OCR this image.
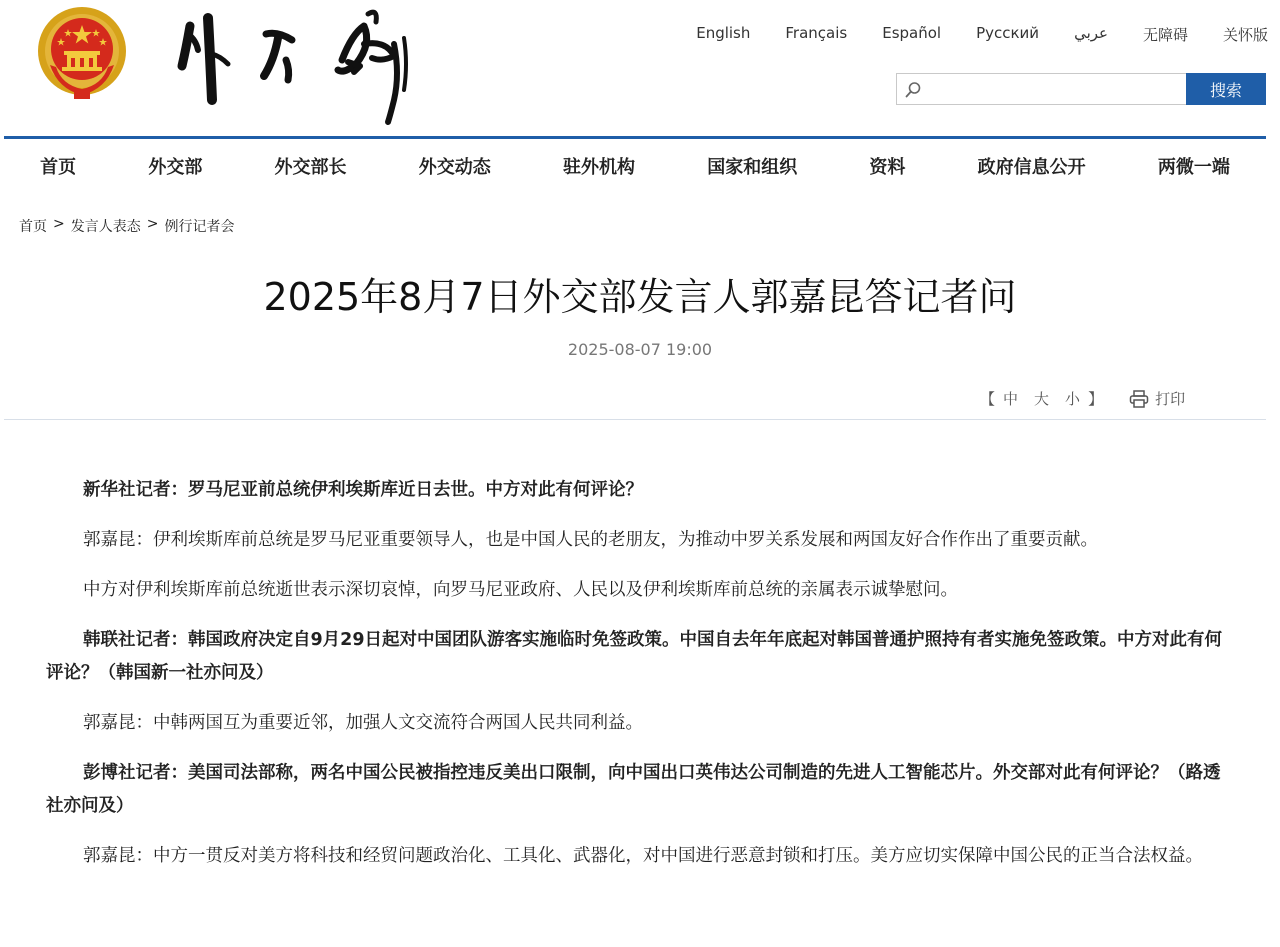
English Français Español Русский عربي 无障碍 关怀版
搜索
首页	外交部	外交部长	外交动态	驻外机构	国家和组织	资料	政府信息公开	两微一端
首页 > 发言人表态 > 例行记者会
2025年8月7日外交部发言人郭嘉昆答记者问
2025-08-07 19:00
【 中 大 小 】	打印

新华社记者：罗马尼亚前总统伊利埃斯库近日去世。中方对此有何评论？

郭嘉昆：伊利埃斯库前总统是罗马尼亚重要领导人，也是中国人民的老朋友，为推动中罗关系发展和两国友好合作作出了重要贡献。

中方对伊利埃斯库前总统逝世表示深切哀悼，向罗马尼亚政府、人民以及伊利埃斯库前总统的亲属表示诚挚慰问。

韩联社记者：韩国政府决定自9月29日起对中国团队游客实施临时免签政策。中国自去年年底起对韩国普通护照持有者实施免签政策。中方对此有何评论？（韩国新一社亦问及）

郭嘉昆：中韩两国互为重要近邻，加强人文交流符合两国人民共同利益。

彭博社记者：美国司法部称，两名中国公民被指控违反美出口限制，向中国出口英伟达公司制造的先进人工智能芯片。外交部对此有何评论？（路透社亦问及）

郭嘉昆：中方一贯反对美方将科技和经贸问题政治化、工具化、武器化，对中国进行恶意封锁和打压。美方应切实保障中国公民的正当合法权益。
